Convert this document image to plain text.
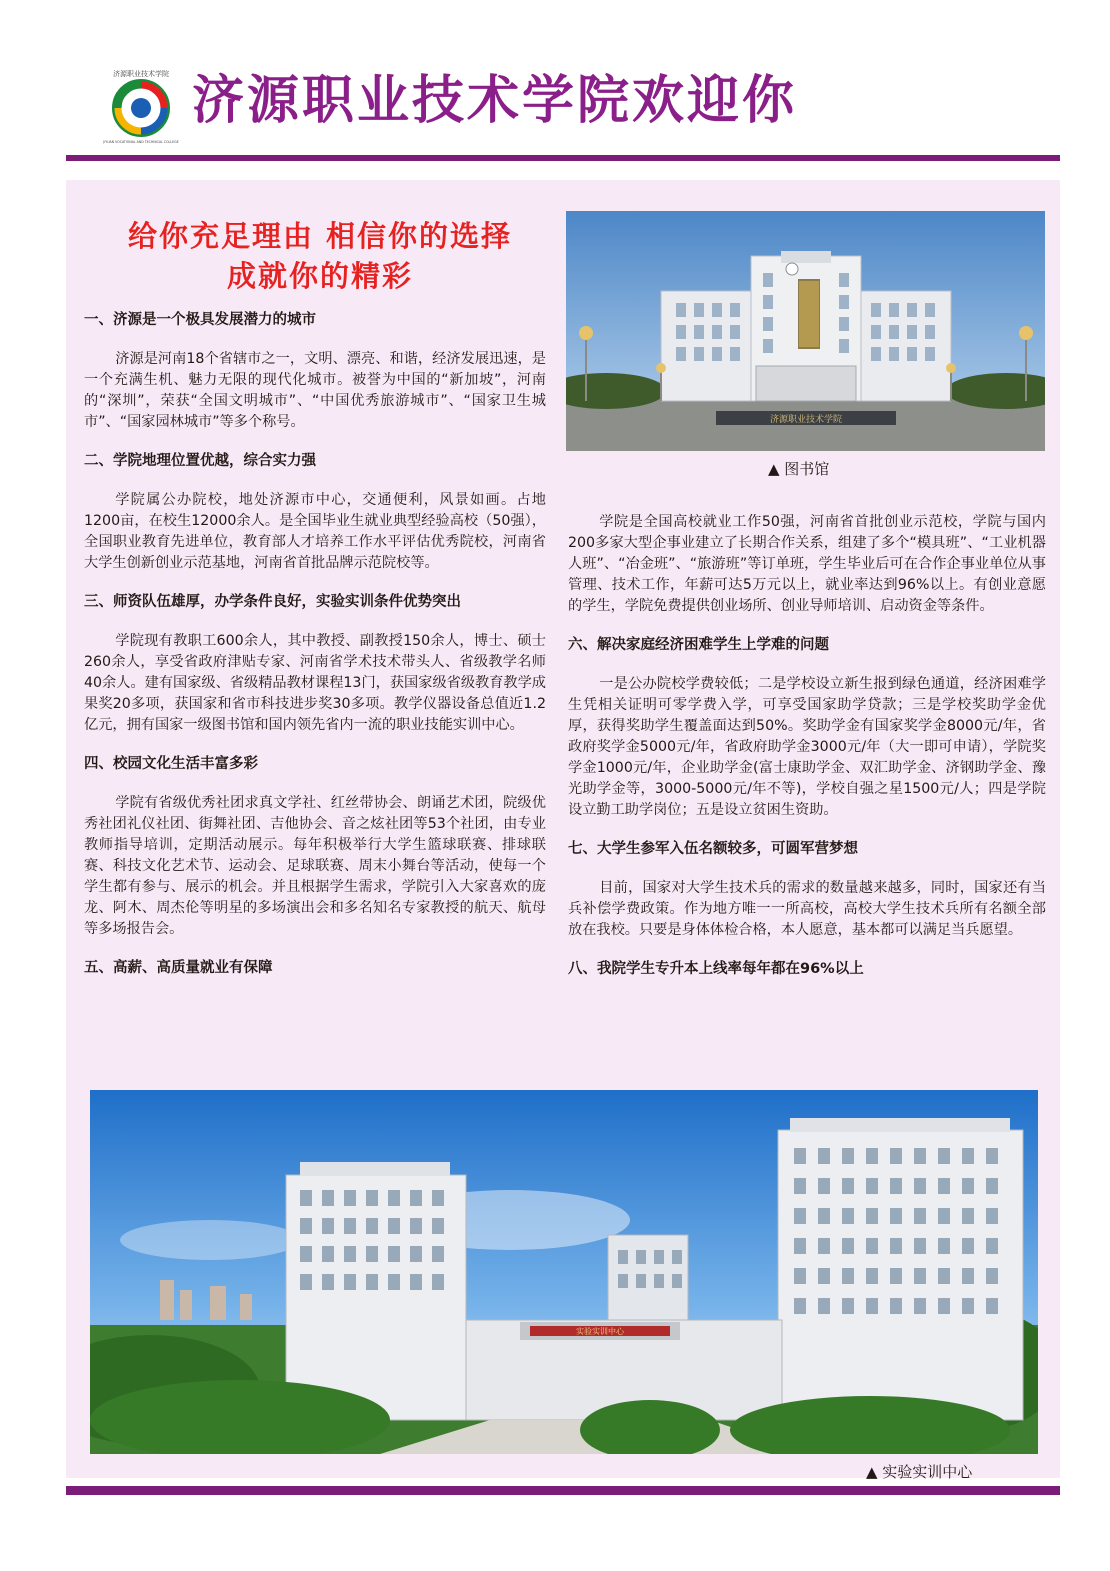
济源职业技术学院
JIYUAN VOCATIONAL AND TECHNICAL COLLEGE
济源职业技术学院欢迎你
给你充足理由 相信你的选择
成就你的精彩
一、济源是一个极具发展潜力的城市
济源是河南18个省辖市之一，文明、漂亮、和谐，经济发展迅速，是一个充满生机、魅力无限的现代化城市。被誉为中国的“新加坡”，河南的“深圳”，荣获“全国文明城市”、“中国优秀旅游城市”、“国家卫生城市”、“国家园林城市”等多个称号。
二、学院地理位置优越，综合实力强
学院属公办院校，地处济源市中心，交通便利，风景如画。占地1200亩，在校生12000余人。是全国毕业生就业典型经验高校（50强），全国职业教育先进单位，教育部人才培养工作水平评估优秀院校，河南省大学生创新创业示范基地，河南省首批品牌示范院校等。
三、师资队伍雄厚，办学条件良好，实验实训条件优势突出
学院现有教职工600余人，其中教授、副教授150余人，博士、硕士260余人，享受省政府津贴专家、河南省学术技术带头人、省级教学名师40余人。建有国家级、省级精品教材课程13门，获国家级省级教育教学成果奖20多项，获国家和省市科技进步奖30多项。教学仪器设备总值近1.2亿元，拥有国家一级图书馆和国内领先省内一流的职业技能实训中心。
四、校园文化生活丰富多彩
学院有省级优秀社团求真文学社、红丝带协会、朗诵艺术团，院级优秀社团礼仪社团、街舞社团、吉他协会、音之炫社团等53个社团，由专业教师指导培训，定期活动展示。每年积极举行大学生篮球联赛、排球联赛、科技文化艺术节、运动会、足球联赛、周末小舞台等活动，使每一个学生都有参与、展示的机会。并且根据学生需求，学院引入大家喜欢的庞龙、阿木、周杰伦等明星的多场演出会和多名知名专家教授的航天、航母等多场报告会。
五、高薪、高质量就业有保障
济源职业技术学院
▲ 图书馆
学院是全国高校就业工作50强，河南省首批创业示范校，学院与国内200多家大型企事业建立了长期合作关系，组建了多个“模具班”、“工业机器人班”、“冶金班”、“旅游班”等订单班，学生毕业后可在合作企事业单位从事管理、技术工作，年薪可达5万元以上，就业率达到96%以上。有创业意愿的学生，学院免费提供创业场所、创业导师培训、启动资金等条件。
六、解决家庭经济困难学生上学难的问题
一是公办院校学费较低；二是学校设立新生报到绿色通道，经济困难学生凭相关证明可零学费入学，可享受国家助学贷款；三是学校奖助学金优厚，获得奖助学生覆盖面达到50%。奖助学金有国家奖学金8000元/年，省政府奖学金5000元/年，省政府助学金3000元/年（大一即可申请），学院奖学金1000元/年，企业助学金(富士康助学金、双汇助学金、济钢助学金、豫光助学金等，3000-5000元/年不等)，学校自强之星1500元/人；四是学院设立勤工助学岗位；五是设立贫困生资助。
七、大学生参军入伍名额较多，可圆军营梦想
目前，国家对大学生技术兵的需求的数量越来越多，同时，国家还有当兵补偿学费政策。作为地方唯一一所高校，高校大学生技术兵所有名额全部放在我校。只要是身体体检合格，本人愿意，基本都可以满足当兵愿望。
八、我院学生专升本上线率每年都在96%以上
实验实训中心
▲ 实验实训中心
